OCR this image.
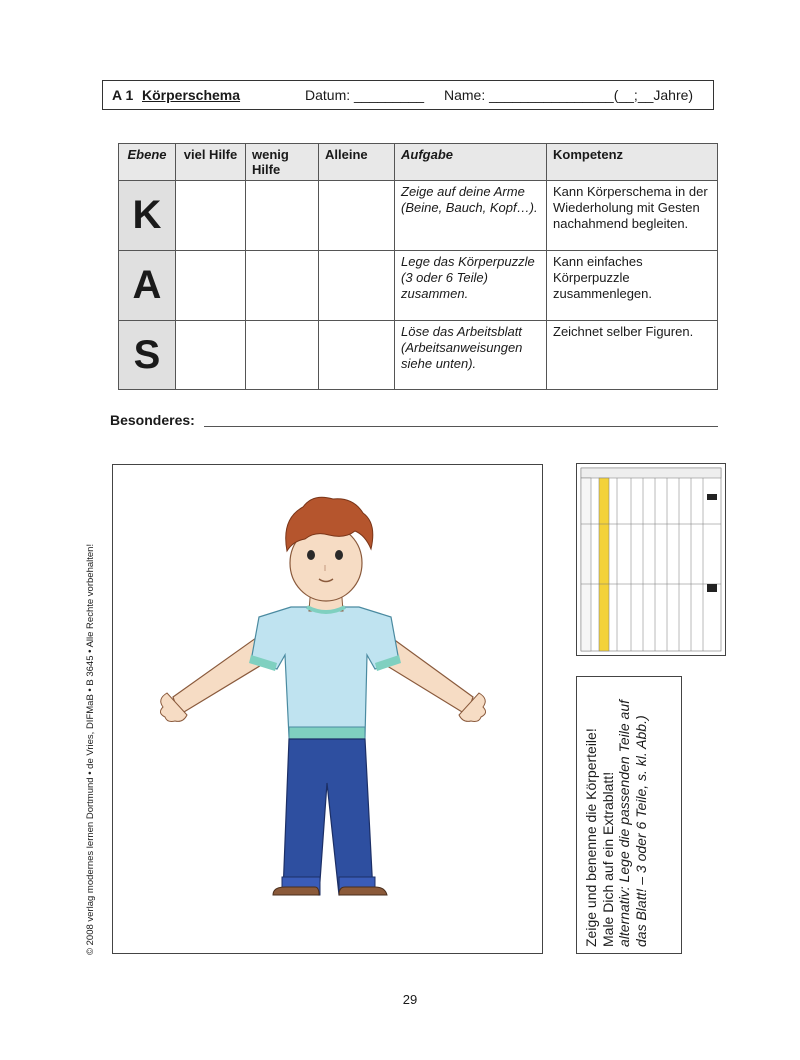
A 1 Körperschema	Datum: _________ Name: ________________(__;__Jahre)
Ebene	viel Hilfe	wenig Hilfe	Alleine	Aufgabe	Kompetenz
K				Zeige auf deine Arme (Beine, Bauch, Kopf…).	Kann Körperschema in der Wiederholung mit Gesten nachahmend begleiten.
A				Lege das Körperpuzzle (3 oder 6 Teile) zusammen.	Kann einfaches Körperpuzzle zusammenlegen.
S				Löse das Arbeitsblatt (Arbeitsanweisungen siehe unten).	Zeichnet selber Figuren.
Besonderes:
© 2008 verlag modernes lernen Dortmund • de Vries, DIFMaB • B 3645 • Alle Rechte vorbehalten!	Zeige und benenne die Körperteile! Male Dich auf ein Extrablatt! alternativ: Lege die passenden Teile auf das Blatt! – 3 oder 6 Teile, s. kl. Abb.)
29
